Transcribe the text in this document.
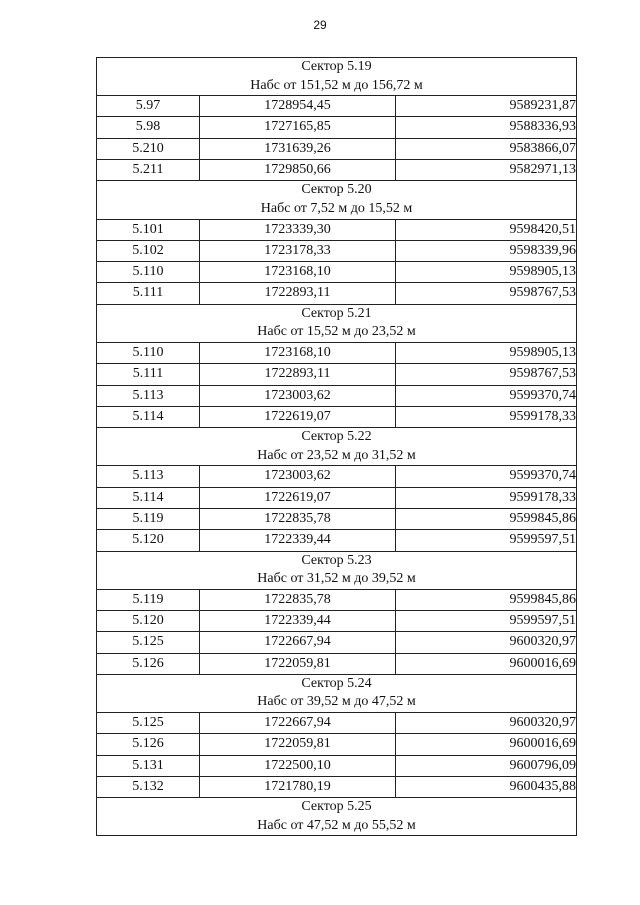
29
Сектор 5.19
Набс от 151,52 м до 156,72 м		

5.97	1728954,45	9589231,87
5.98	1727165,85	9588336,93
5.210	1731639,26	9583866,07
5.211	1729850,66	9582971,13

Сектор 5.20
Набс от 7,52 м до 15,52 м		

5.101	1723339,30	9598420,51
5.102	1723178,33	9598339,96
5.110	1723168,10	9598905,13
5.111	1722893,11	9598767,53

Сектор 5.21
Набс от 15,52 м до 23,52 м		

5.110	1723168,10	9598905,13
5.111	1722893,11	9598767,53
5.113	1723003,62	9599370,74
5.114	1722619,07	9599178,33

Сектор 5.22
Набс от 23,52 м до 31,52 м		

5.113	1723003,62	9599370,74
5.114	1722619,07	9599178,33
5.119	1722835,78	9599845,86
5.120	1722339,44	9599597,51

Сектор 5.23
Набс от 31,52 м до 39,52 м		

5.119	1722835,78	9599845,86
5.120	1722339,44	9599597,51
5.125	1722667,94	9600320,97
5.126	1722059,81	9600016,69

Сектор 5.24
Набс от 39,52 м до 47,52 м		

5.125	1722667,94	9600320,97
5.126	1722059,81	9600016,69
5.131	1722500,10	9600796,09
5.132	1721780,19	9600435,88

Сектор 5.25
Набс от 47,52 м до 55,52 м		
